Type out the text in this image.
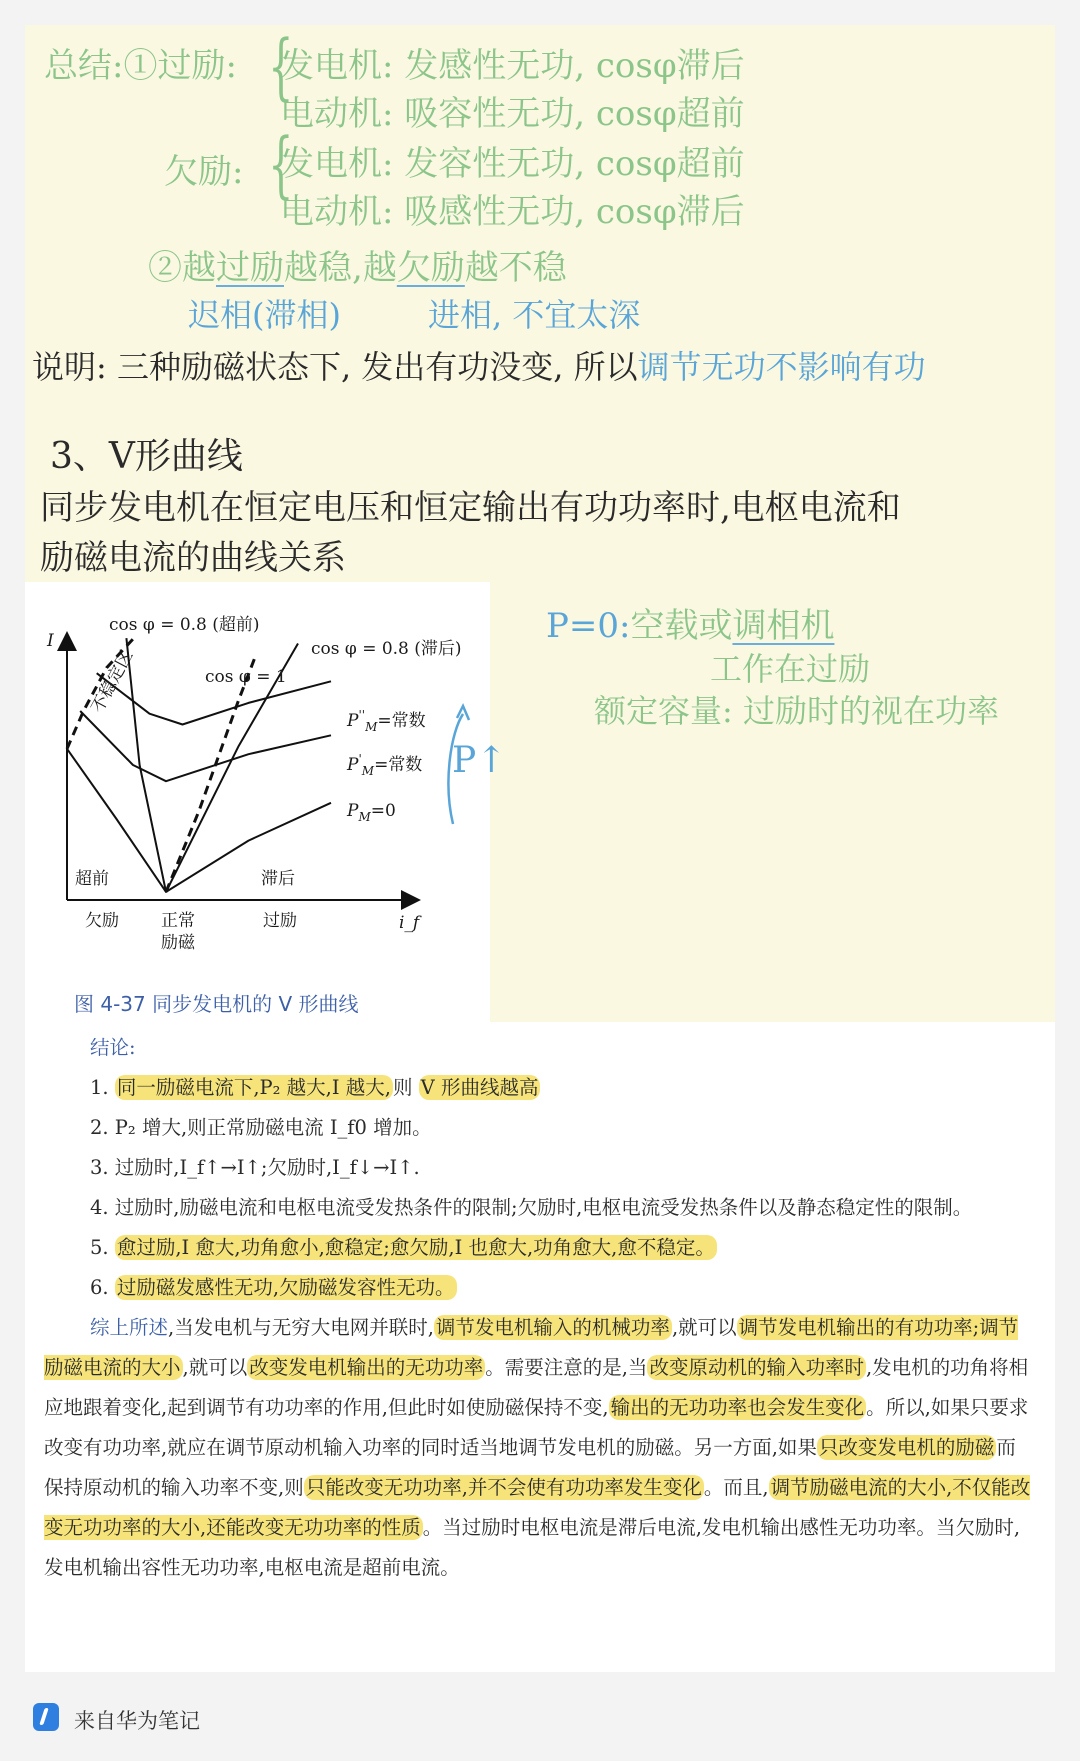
总结:①过励: {
发电机: 发感性无功, cosφ滞后
电动机: 吸容性无功, cosφ超前
欠励: {
发电机: 发容性无功, cosφ超前
电动机: 吸感性无功, cosφ滞后
②越过励越稳,越欠励越不稳
迟相(滞相)	进相, 不宜太深
说明: 三种励磁状态下, 发出有功没变, 所以调节无功不影响有功
3、V形曲线
同步发电机在恒定电压和恒定输出有功功率时,电枢电流和
励磁电流的曲线关系
P=0:空载或调相机
工作在过励
额定容量: 过励时的视在功率
P↑
I
i_f
cos φ = 0.8 (超前)
cos φ = 0.8 (滞后)
cos φ = 1
不稳定区
$P''_M=$常数
$P'_M=$常数
$P_M=0$
超前	滞后
欠励 正常
励磁
过励
图 4-37 同步发电机的 V 形曲线
结论:

1. 同一励磁电流下,P₂ 越大,I 越大, 则 V 形曲线越高

2. P₂ 增大,则正常励磁电流 I_f0 增加。

3. 过励时,I_f↑→I↑;欠励时,I_f↓→I↑.

4. 过励时,励磁电流和电枢电流受发热条件的限制;欠励时,电枢电流受发热条件以及静态稳定性的限制。

5. 愈过励,I 愈大,功角愈小,愈稳定;愈欠励,I 也愈大,功角愈大,愈不稳定。

6. 过励磁发感性无功,欠励磁发容性无功。

综上所述,当发电机与无穷大电网并联时, 调节发电机输入的机械功率 ,就可以 调节发电机输出的有功功率;调节励磁电流的大小 ,就可以 改变发电机输出的无功功率 。需要注意的是,当 改变原动机的输入功率时 ,发电机的功角将相应地跟着变化,起到调节有功功率的作用,但此时如使励磁保持不变, 输出的无功功率也会发生变化 。所以,如果只要求改变有功功率,就应在调节原动机输入功率的同时适当地调节发电机的励磁。另一方面,如果 只改变发电机的励磁 而保持原动机的输入功率不变,则 只能改变无功功率,并不会使有功功率发生变化 。而且, 调节励磁电流的大小,不仅能改变无功功率的大小,还能改变无功功率的性质 。当过励时电枢电流是滞后电流,发电机输出感性无功功率。当欠励时,发电机输出容性无功功率,电枢电流是超前电流。

来自华为笔记
